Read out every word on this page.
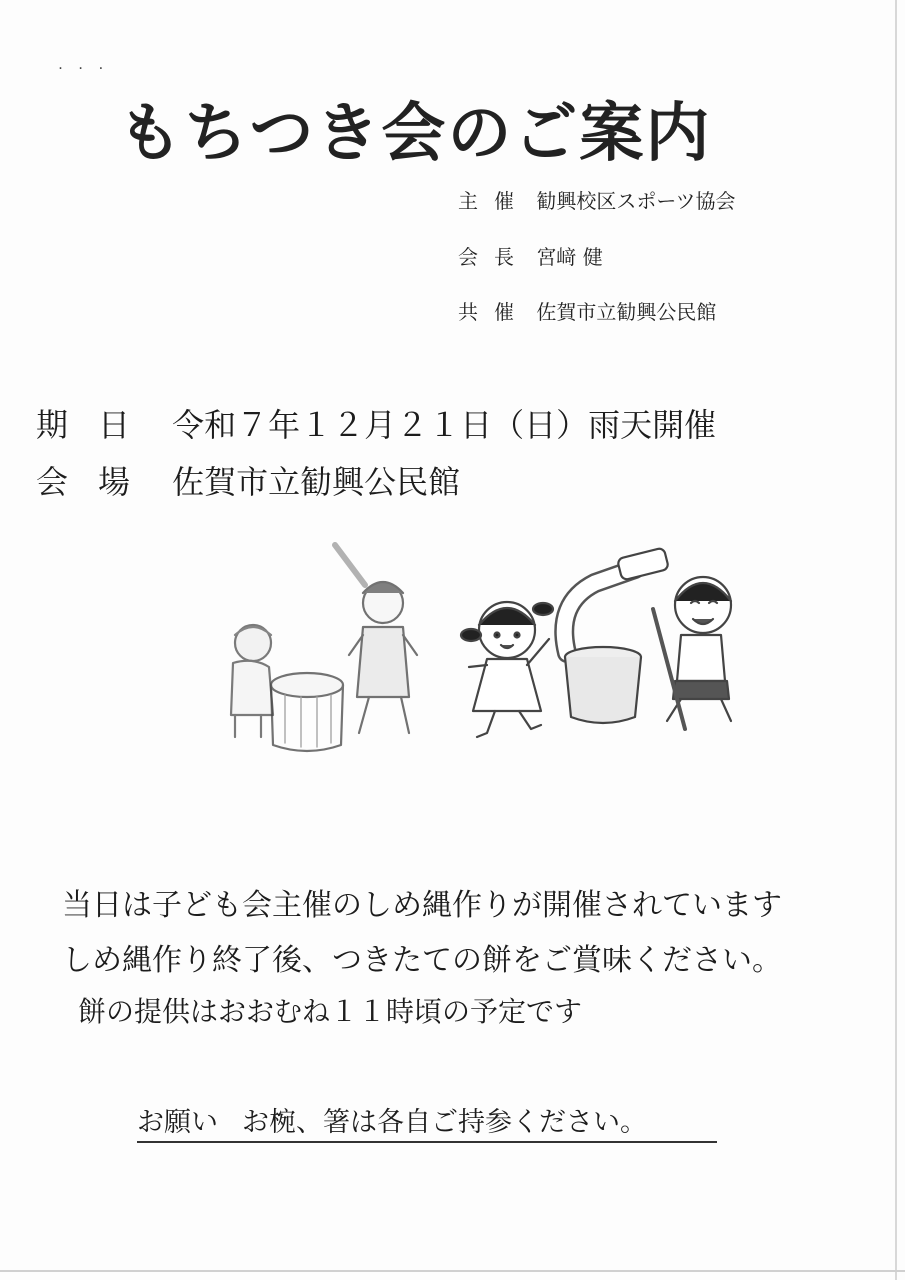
･ ･ ･
もちつき会のご案内
主催 勧興校区スポーツ協会
会長 宮﨑 健
共催 佐賀市立勧興公民館
期日 令和７年１２月２１日（日）雨天開催
会場 佐賀市立勧興公民館
当日は子ども会主催のしめ縄作りが開催されています
しめ縄作り終了後、つきたての餅をご賞味ください。
餅の提供はおおむね１１時頃の予定です
お願い お椀、箸は各自ご持参ください。
